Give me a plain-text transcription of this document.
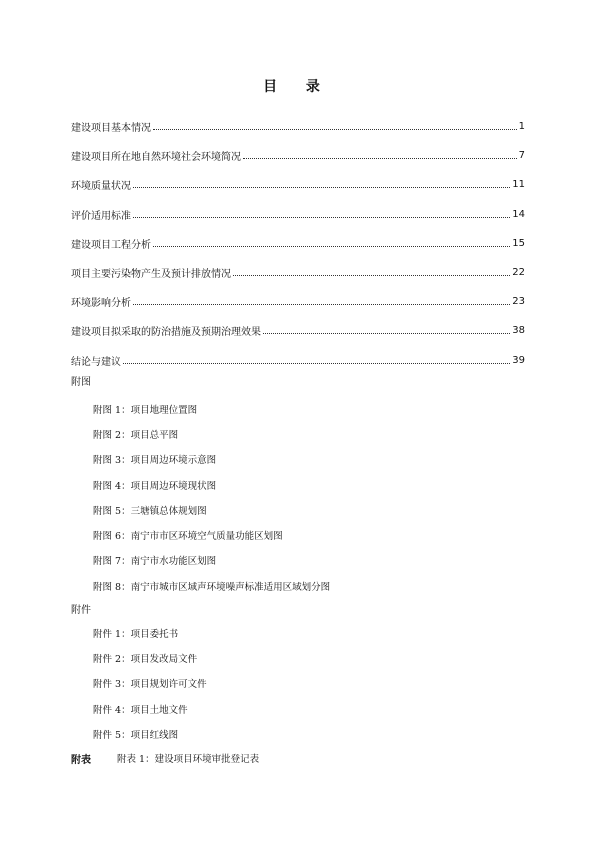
目 录
建设项目基本情况	1
建设项目所在地自然环境社会环境简况	7
环境质量状况	11
评价适用标准	14
建设项目工程分析	15
项目主要污染物产生及预计排放情况	22
环境影响分析	23
建设项目拟采取的防治措施及预期治理效果	38
结论与建议	39
附图
附图 1：项目地理位置图
附图 2：项目总平图
附图 3：项目周边环境示意图
附图 4：项目周边环境现状图
附图 5：三塘镇总体规划图
附图 6：南宁市市区环境空气质量功能区划图
附图 7：南宁市水功能区划图
附图 8：南宁市城市区域声环境噪声标准适用区域划分图
附件
附件 1：项目委托书
附件 2：项目发改局文件
附件 3：项目规划许可文件
附件 4：项目土地文件
附件 5：项目红线图
附表	附表 1：建设项目环境审批登记表
